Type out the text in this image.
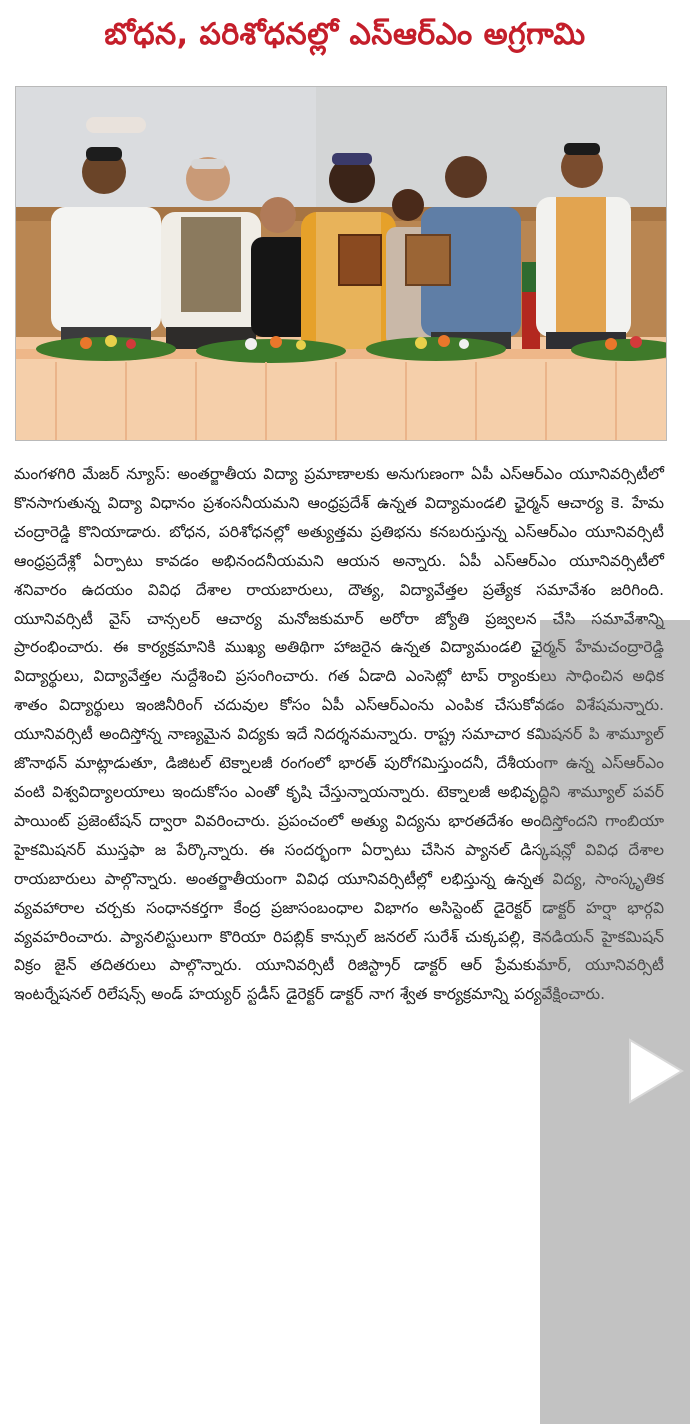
బోధన, పరిశోధనల్లో ఎస్ఆర్ఎం అగ్రగామి

మంగళగిరి మేజర్ న్యూస్: అంతర్జాతీయ విద్యా ప్రమాణాలకు అనుగుణంగా ఏపీ ఎస్ఆర్ఎం యూనివర్సిటీలో కొనసాగుతున్న విద్యా విధానం ప్రశంసనీయమని ఆంధ్రప్రదేశ్ ఉన్నత విద్యామండలి ఛైర్మన్ ఆచార్య కె. హేమ చంద్రారెడ్డి కొనియాడారు. బోధన, పరిశోధనల్లో అత్యుత్తమ ప్రతిభను కనబరుస్తున్న ఎస్ఆర్ఎం యూనివర్సిటీ ఆంధ్రప్రదేశ్లో ఏర్పాటు కావడం అభినందనీయమని ఆయన అన్నారు. ఏపీ ఎస్ఆర్ఎం యూనివర్సిటీలో శనివారం ఉదయం వివిధ దేశాల రాయబారులు, దౌత్య, విద్యావేత్తల ప్రత్యేక సమావేశం జరిగింది. యూనివర్సిటీ వైస్ చాన్సలర్ ఆచార్య మనోజకుమార్ అరోరా జ్యోతి ప్రజ్వలన చేసి సమావేశాన్ని ప్రారంభించారు. ఈ కార్యక్రమానికి ముఖ్య అతిథిగా హాజరైన ఉన్నత విద్యామండలి ఛైర్మన్ హేమచంద్రారెడ్డి విద్యార్థులు, విద్యావేత్తల నుద్దేశించి ప్రసంగించారు. గత ఏడాది ఎంసెట్లో టాప్ ర్యాంకులు సాధించిన అధిక శాతం విద్యార్థులు ఇంజినీరింగ్ చదువుల కోసం ఏపీ ఎస్ఆర్ఎంను ఎంపిక చేసుకోవడం విశేషమన్నారు. యూనివర్సిటీ అందిస్తోన్న నాణ్యమైన విద్యకు ఇదే నిదర్శనమన్నారు. రాష్ట్ర సమాచార కమిషనర్ పి శామ్యూల్ జొనాథన్ మాట్లాడుతూ, డిజిటల్ టెక్నాలజీ రంగంలో భారత్ పురోగమిస్తుందనీ, దేశీయంగా ఉన్న ఎస్ఆర్ఎం వంటి విశ్వవిద్యాలయాలు ఇందుకోసం ఎంతో కృషి చేస్తున్నాయన్నారు. టెక్నాలజీ అభివృద్ధిని శామ్యూల్ పవర్ పాయింట్ ప్రజెంటేషన్ ద్వారా వివరించారు. ప్రపంచంలో అత్యు విద్యను భారతదేశం అందిస్తోందని గాంబియా హైకమిషనర్ ముస్తఫా జ పేర్కొన్నారు. ఈ సందర్భంగా ఏర్పాటు చేసిన ప్యానల్ డిస్కషన్లో వివిధ దేశాల రాయబారులు పాల్గొన్నారు. అంతర్జాతీయంగా వివిధ యూనివర్సిటీల్లో లభిస్తున్న ఉన్నత విద్య, సాంస్కృతిక వ్యవహారాల చర్చకు సంధానకర్తగా కేంద్ర ప్రజాసంబంధాల విభాగం అసిస్టెంట్ డైరెక్టర్ డాక్టర్ హర్షా భార్గవి వ్యవహరించారు. ప్యానలిస్టులుగా కొరియా రిపబ్లిక్ కాన్సుల్ జనరల్ సురేశ్ చుక్కపల్లి, కెనడియన్ హైకమిషన్ విక్రం జైన్ తదితరులు పాల్గొన్నారు. యూనివర్సిటీ రిజిస్ట్రార్ డాక్టర్ ఆర్ ప్రేమకుమార్, యూనివర్సిటీ ఇంటర్నేషనల్ రిలేషన్స్ అండ్ హయ్యర్ స్టడీస్ డైరెక్టర్ డాక్టర్ నాగ శ్వేత కార్యక్రమాన్ని పర్యవేక్షించారు.
